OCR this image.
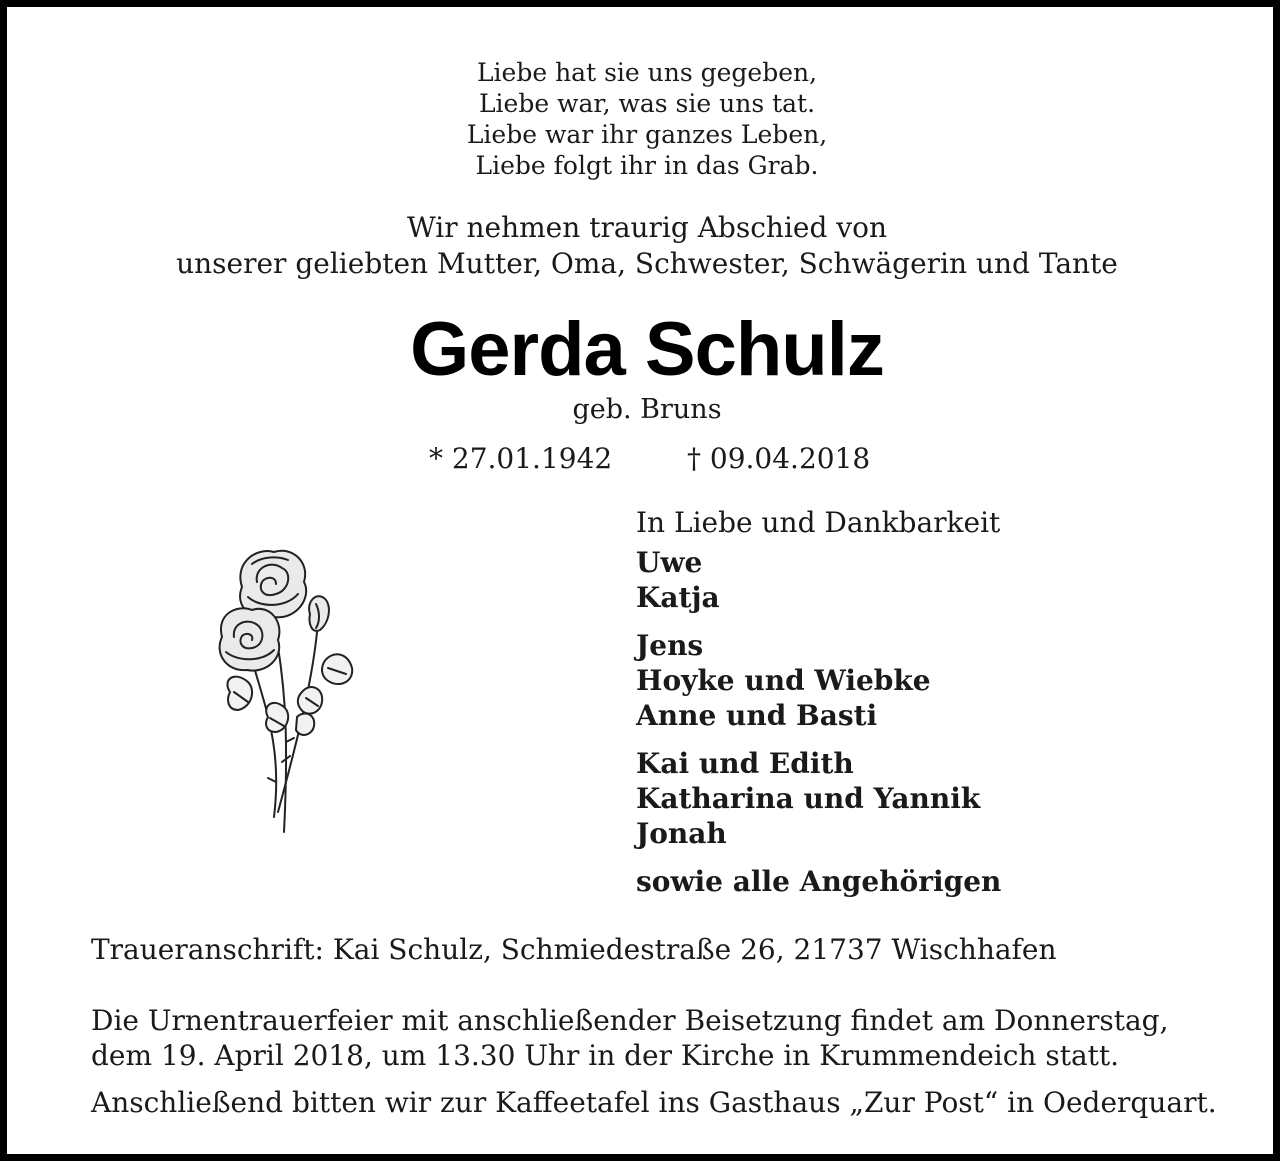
Liebe hat sie uns gegeben,
Liebe war, was sie uns tat.
Liebe war ihr ganzes Leben,
Liebe folgt ihr in das Grab.
Wir nehmen traurig Abschied von
unserer geliebten Mutter, Oma, Schwester, Schwägerin und Tante
Gerda Schulz
geb. Bruns
* 27.01.1942	† 09.04.2018
In Liebe und Dankbarkeit
Uwe
Katja
Jens
Hoyke und Wiebke
Anne und Basti
Kai und Edith
Katharina und Yannik
Jonah
sowie alle Angehörigen
Traueranschrift: Kai Schulz, Schmiedestraße 26, 21737 Wischhafen
Die Urnentrauerfeier mit anschließender Beisetzung findet am Donnerstag,
dem 19. April 2018, um 13.30 Uhr in der Kirche in Krummendeich statt.
Anschließend bitten wir zur Kaffeetafel ins Gasthaus „Zur Post“ in Oederquart.
